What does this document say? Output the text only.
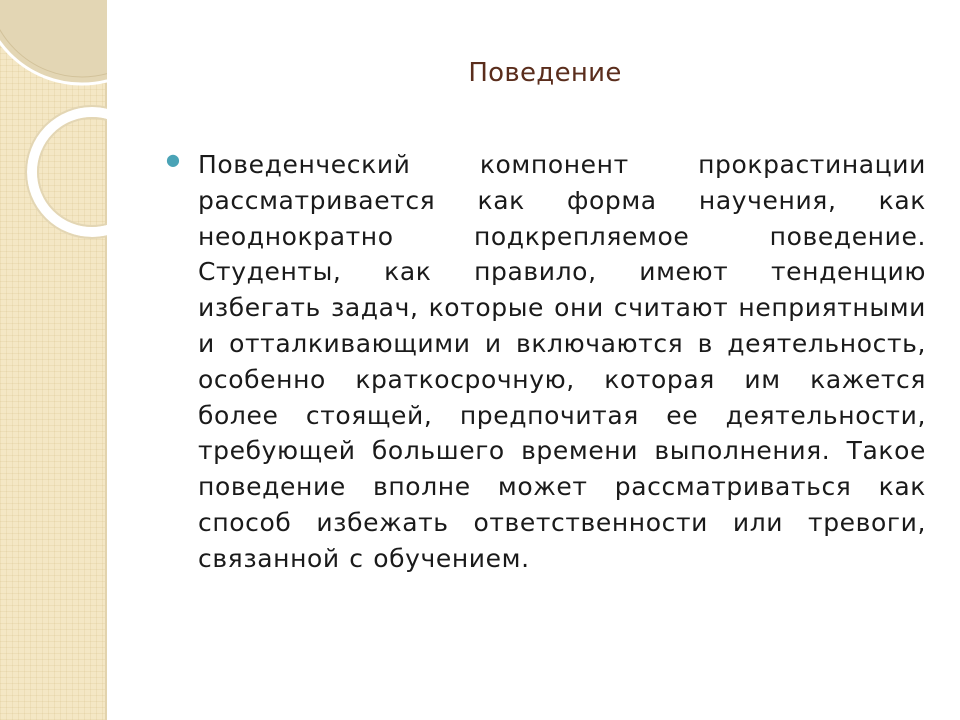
Поведение
● Поведенческий компонент прокрастинации рассматривается как форма научения, как неоднократно подкрепляемое поведение. Студенты, как правило, имеют тенденцию избегать задач, которые они считают неприятными и отталкивающими и включаются в деятельность, особенно краткосрочную, которая им кажется более стоящей, предпочитая ее деятельности, требующей большего времени выполнения. Такое поведение вполне может рассматриваться как способ избежать ответственности или тревоги, связанной с обучением.
